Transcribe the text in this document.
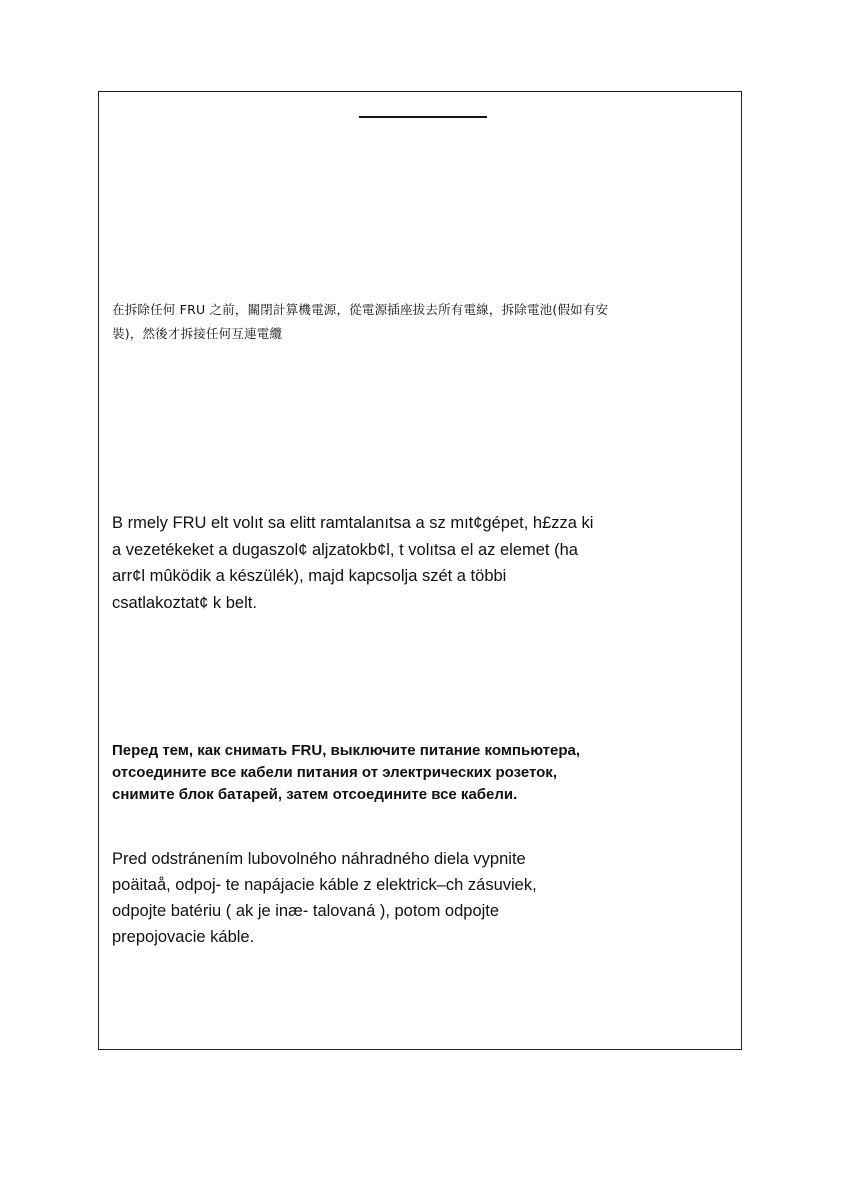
在拆除任何 FRU 之前，關閉計算機電源，從電源插座拔去所有電線，拆除電池(假如有安裝)，然後才拆接任何互連電纜

B rmely FRU elt volıt sa elitt ramtalanıtsa a sz mıt¢gépet, h£zza ki a vezetékeket a dugaszol¢ aljzatokb¢l, t volıtsa el az elemet (ha arr¢l mûködik a készülék), majd kapcsolja szét a többi csatlakoztat¢ k belt.

Перед тем, как снимать FRU, выключите питание компьютера, отсоедините все кабели питания от электрических розеток, снимите блок батарей, затем отсоедините все кабели.

Pred odstránením lubovolného náhradného diela vypnite poäitaå, odpoj- te napájacie káble z elektrick–ch zásuviek, odpojte batériu ( ak je inæ- talovaná ), potom odpojte prepojovacie káble.
